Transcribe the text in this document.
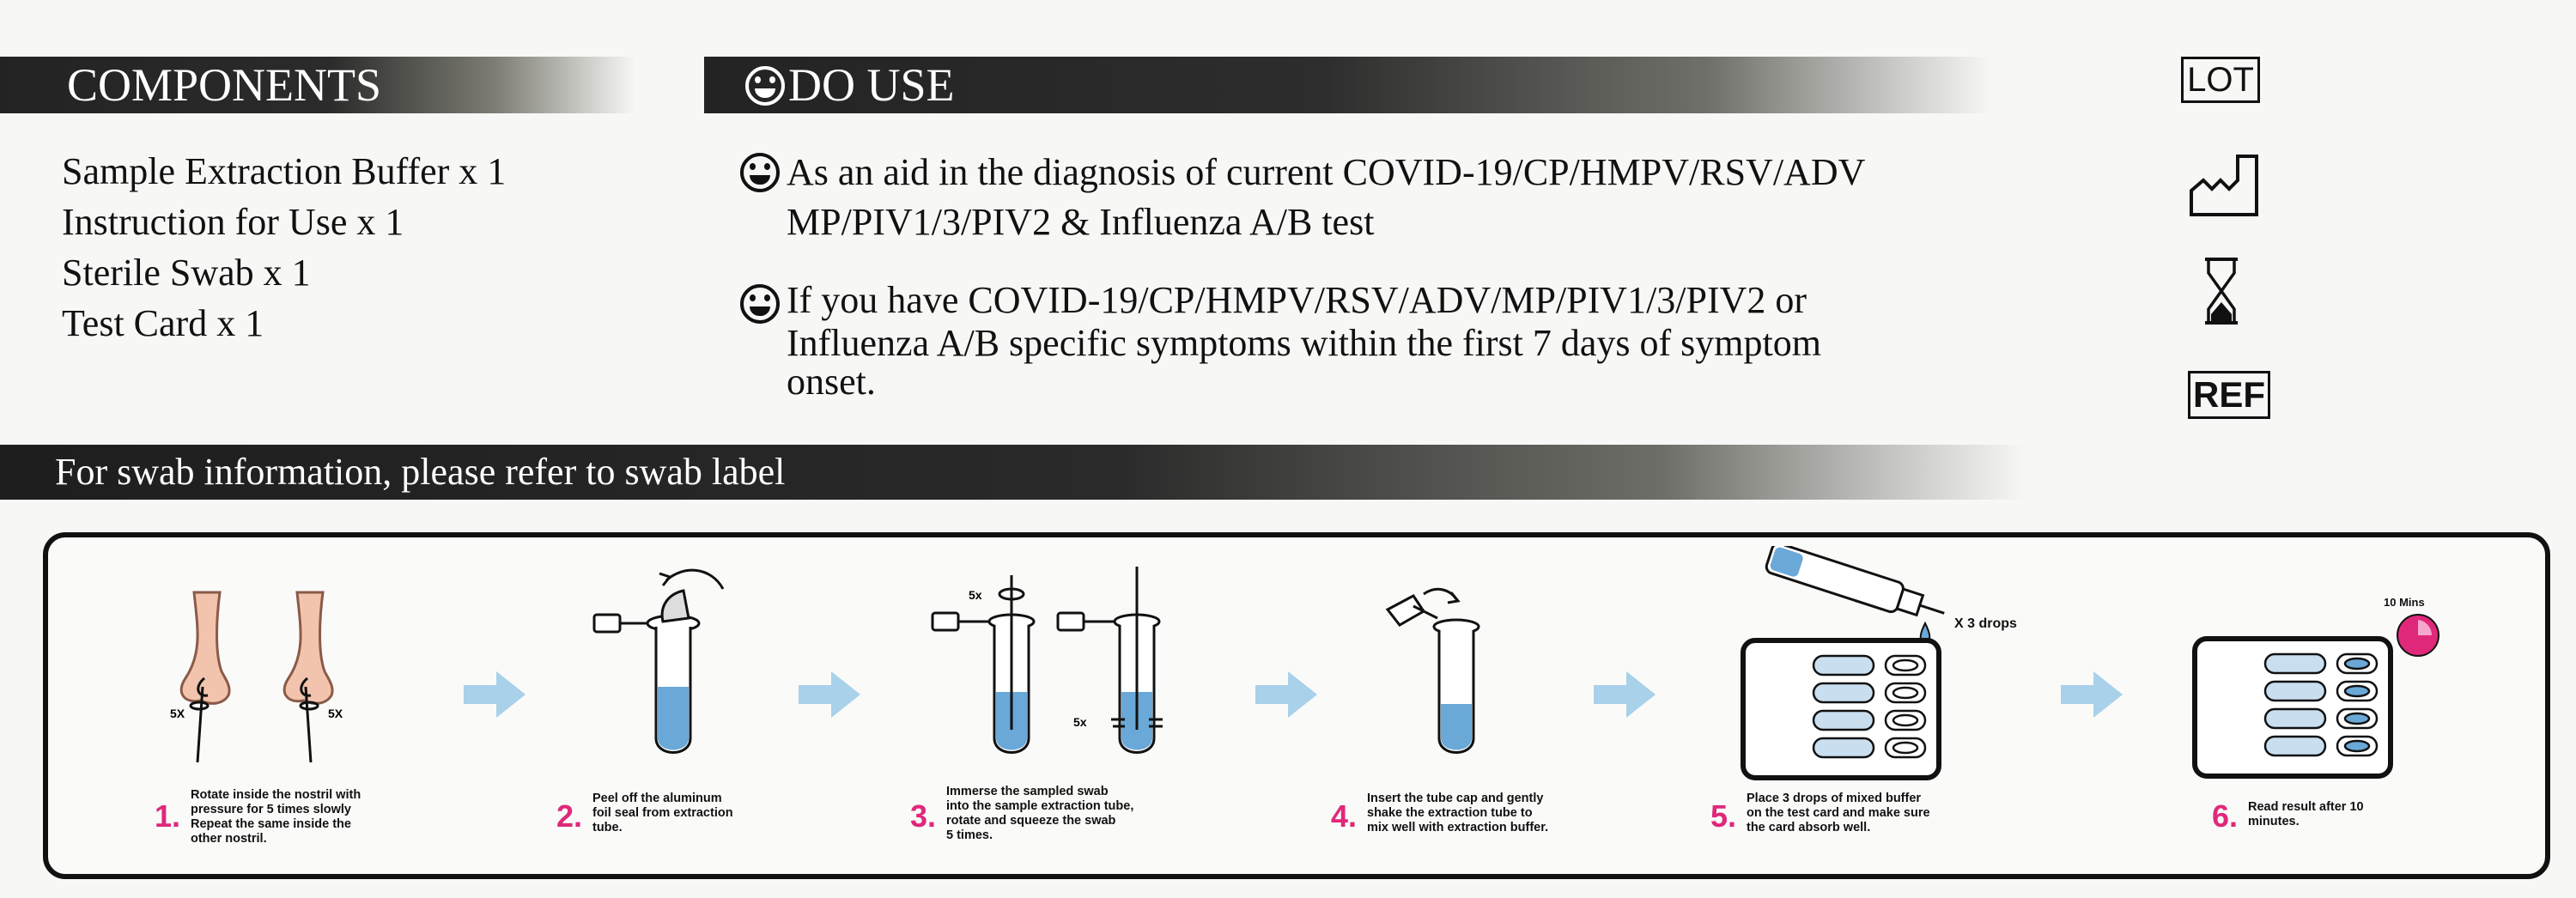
COMPONENTS	DO USE
Sample Extraction Buffer x 1
Instruction for Use x 1
Sterile Swab x 1
Test Card x 1
As an aid in the diagnosis of current COVID-19/CP/HMPV/RSV/ADV
MP/PIV1/3/PIV2 & Influenza A/B test
If you have COVID-19/CP/HMPV/RSV/ADV/MP/PIV1/3/PIV2 or
Influenza A/B specific symptoms within the first 7 days of symptom
onset.
LOT
REF
For swab information, please refer to swab label
5X	5X
1.
Rotate inside the nostril with
pressure for 5 times slowly
Repeat the same inside the
other nostril.
2. Peel off the aluminum
foil seal from extraction
tube.
5x
5x
3.
Immerse the sampled swab
into the sample extraction tube,
rotate and squeeze the swab
5 times.
4. Insert the tube cap and gently
shake the extraction tube to
mix well with extraction buffer.
X 3 drops
5. Place 3 drops of mixed buffer
on the test card and make sure
the card absorb well.
10 Mins
6. Read result after 10
minutes.
